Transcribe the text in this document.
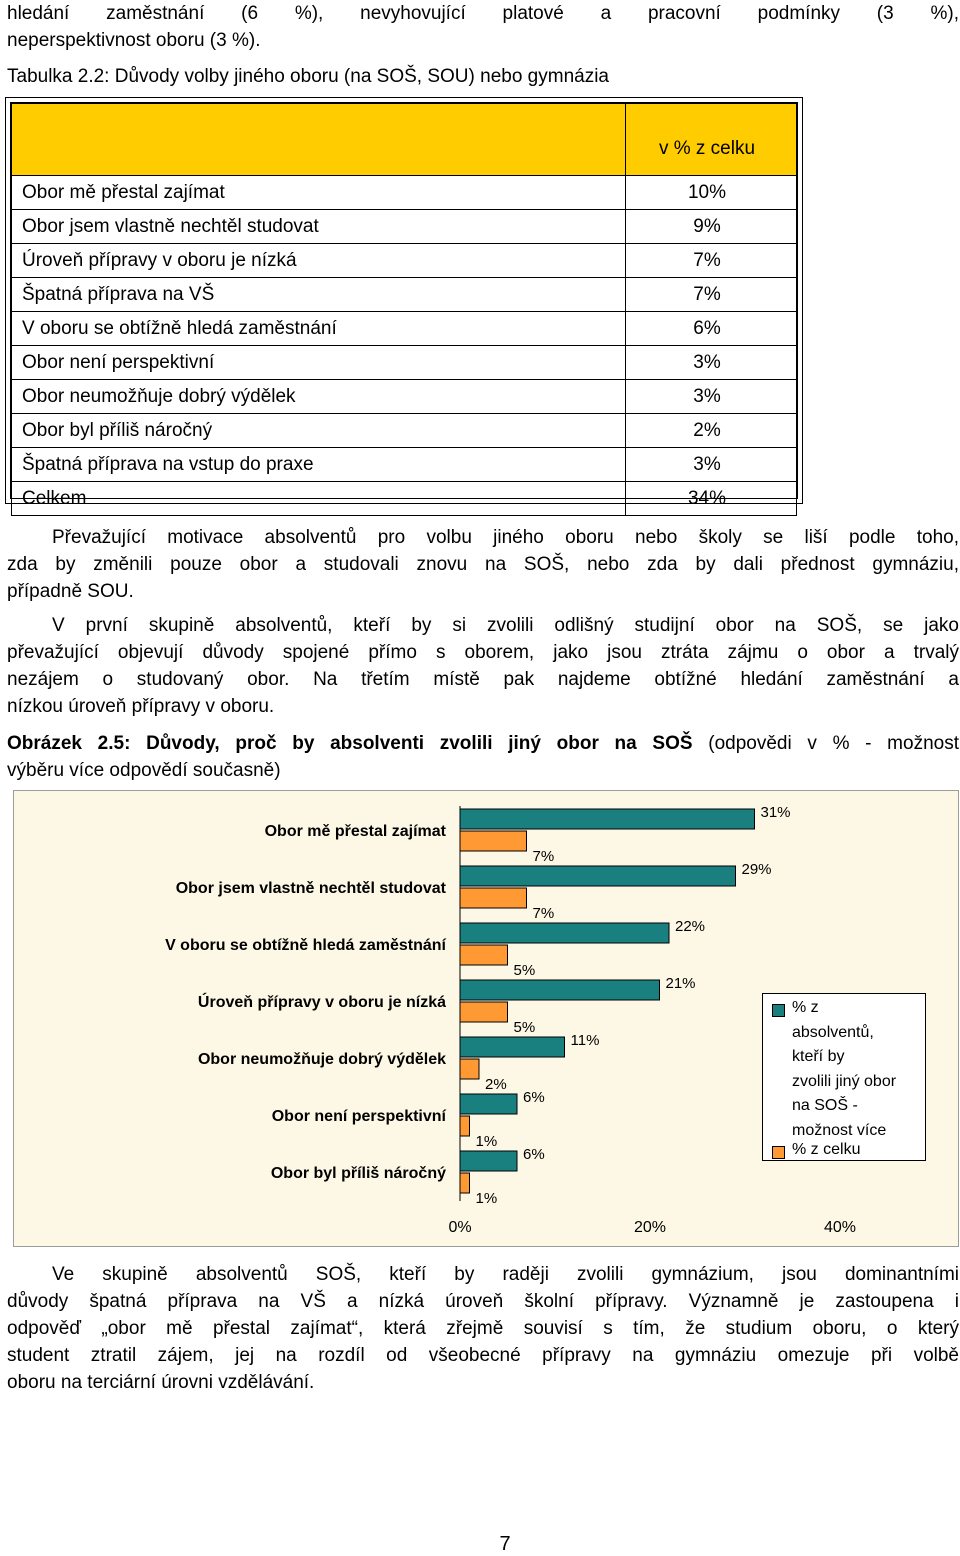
hledání zaměstnání (6 %), nevyhovující platové a pracovní podmínky (3 %),
neperspektivnost oboru (3 %).
Tabulka 2.2: Důvody volby jiného oboru (na SOŠ, SOU) nebo gymnázia
	v % z celku
Obor mě přestal zajímat	10%
Obor jsem vlastně nechtěl studovat	9%
Úroveň přípravy v oboru je nízká	7%
Špatná příprava na VŠ	7%
V oboru se obtížně hledá zaměstnání	6%
Obor není perspektivní	3%
Obor neumožňuje dobrý výdělek	3%
Obor byl příliš náročný	2%
Špatná příprava na vstup do praxe	3%
Celkem	34%
Převažující motivace absolventů pro volbu jiného oboru nebo školy se liší podle toho,
zda by změnili pouze obor a studovali znovu na SOŠ, nebo zda by dali přednost gymnáziu,
případně SOU.
V první skupině absolventů, kteří by si zvolili odlišný studijní obor na SOŠ, se jako
převažující objevují důvody spojené přímo s oborem, jako jsou ztráta zájmu o obor a trvalý
nezájem o studovaný obor. Na třetím místě pak najdeme obtížné hledání zaměstnání a
nízkou úroveň přípravy v oboru.
Obrázek 2.5: Důvody, proč by absolventi zvolili jiný obor na SOŠ (odpovědi v % - možnost
výběru více odpovědí současně)
Obor mě přestal zajímat
31%
7%
Obor jsem vlastně nechtěl studovat
29%
7%
V oboru se obtížně hledá zaměstnání
22%
5%
Úroveň přípravy v oboru je nízká
21%
5%
Obor neumožňuje dobrý výdělek
11%
2%
Obor není perspektivní
6%
1%
Obor byl příliš náročný
6%
1%
0%	20%	40%
% z
absolventů,
kteří by
zvolili jiný obor
na SOŠ -
možnost více
% z celku
Ve skupině absolventů SOŠ, kteří by raději zvolili gymnázium, jsou dominantními
důvody špatná příprava na VŠ a nízká úroveň školní přípravy. Významně je zastoupena i
odpověď „obor mě přestal zajímat“, která zřejmě souvisí s tím, že studium oboru, o který
student ztratil zájem, jej na rozdíl od všeobecné přípravy na gymnáziu omezuje při volbě
oboru na terciární úrovni vzdělávání.
7
